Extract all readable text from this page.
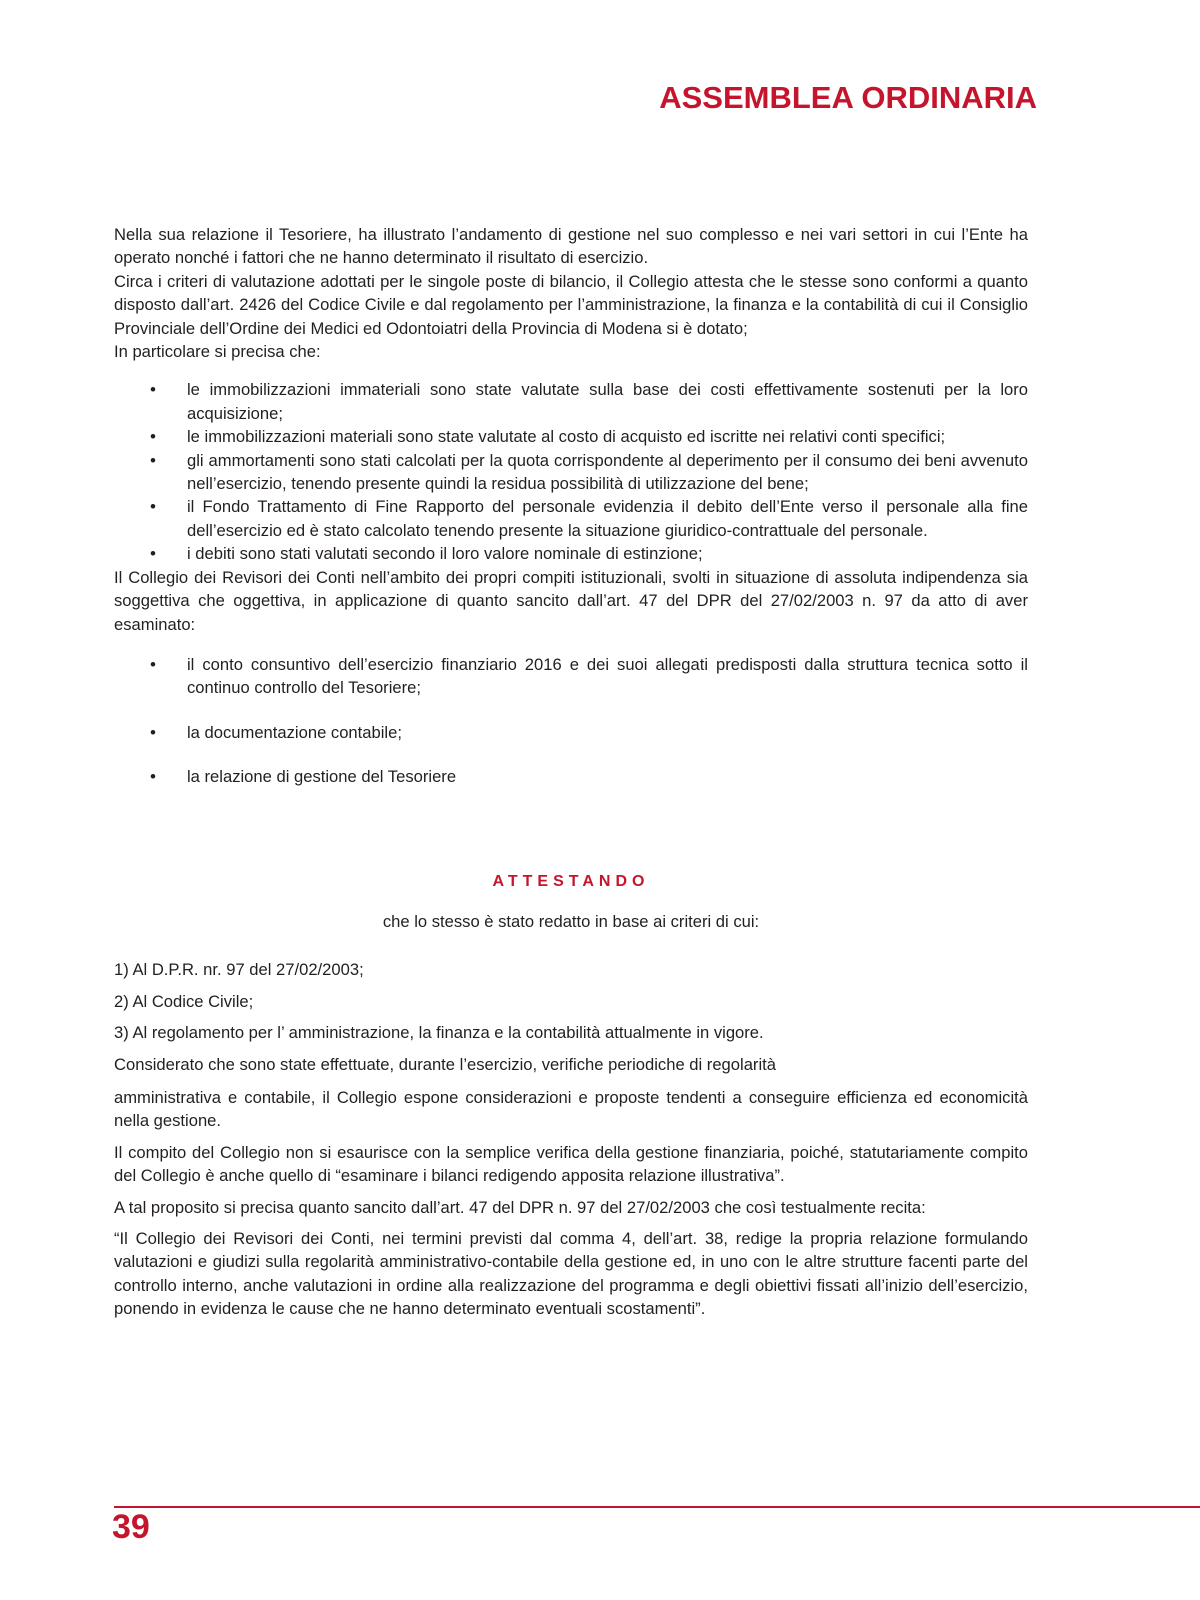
ASSEMBLEA ORDINARIA

Nella sua relazione il Tesoriere, ha illustrato l’andamento di gestione nel suo complesso e nei vari settori in cui l’Ente ha operato nonché i fattori che ne hanno determinato il risultato di esercizio.

Circa i criteri di valutazione adottati per le singole poste di bilancio, il Collegio attesta che le stesse sono conformi a quanto disposto dall’art. 2426 del Codice Civile e dal regolamento per l’amministrazione, la finanza e la contabilità di cui il Consiglio Provinciale dell’Ordine dei Medici ed Odontoiatri della Provincia di Modena si è dotato;

In particolare si precisa che:

• le immobilizzazioni immateriali sono state valutate sulla base dei costi effettivamente sostenuti per la loro acquisizione;
• le immobilizzazioni materiali sono state valutate al costo di acquisto ed iscritte nei relativi conti specifici;
• gli ammortamenti sono stati calcolati per la quota corrispondente al deperimento per il consumo dei beni avvenuto nell’esercizio, tenendo presente quindi la residua possibilità di utilizzazione del bene;
• il Fondo Trattamento di Fine Rapporto del personale evidenzia il debito dell’Ente verso il personale alla fine dell’esercizio ed è stato calcolato tenendo presente la situazione giuridico-contrattuale del personale.
• i debiti sono stati valutati secondo il loro valore nominale di estinzione;

Il Collegio dei Revisori dei Conti nell’ambito dei propri compiti istituzionali, svolti in situazione di assoluta indipendenza sia soggettiva che oggettiva, in applicazione di quanto sancito dall’art. 47 del DPR del 27/02/2003 n. 97 da atto di aver esaminato:

• il conto consuntivo dell’esercizio finanziario 2016 e dei suoi allegati predisposti dalla struttura tecnica sotto il continuo controllo del Tesoriere;
• la documentazione contabile;
• la relazione di gestione del Tesoriere

ATTESTANDO

che lo stesso è stato redatto in base ai criteri di cui:

1) Al D.P.R. nr. 97 del 27/02/2003;

2) Al Codice Civile;

3) Al regolamento per l’ amministrazione, la finanza e la contabilità attualmente in vigore.

Considerato che sono state effettuate, durante l’esercizio, verifiche periodiche di regolarità

amministrativa e contabile, il Collegio espone considerazioni e proposte tendenti a conseguire efficienza ed economicità nella gestione.

Il compito del Collegio non si esaurisce con la semplice verifica della gestione finanziaria, poiché, statutariamente compito del Collegio è anche quello di “esaminare i bilanci redigendo apposita relazione illustrativa”.

A tal proposito si precisa quanto sancito dall’art. 47 del DPR n. 97 del 27/02/2003 che così testualmente recita:

“Il Collegio dei Revisori dei Conti, nei termini previsti dal comma 4, dell’art. 38, redige la propria relazione formulando valutazioni e giudizi sulla regolarità amministrativo-contabile della gestione ed, in uno con le altre strutture facenti parte del controllo interno, anche valutazioni in ordine alla realizzazione del programma e degli obiettivi fissati all’inizio dell’esercizio, ponendo in evidenza le cause che ne hanno determinato eventuali scostamenti”.

39
